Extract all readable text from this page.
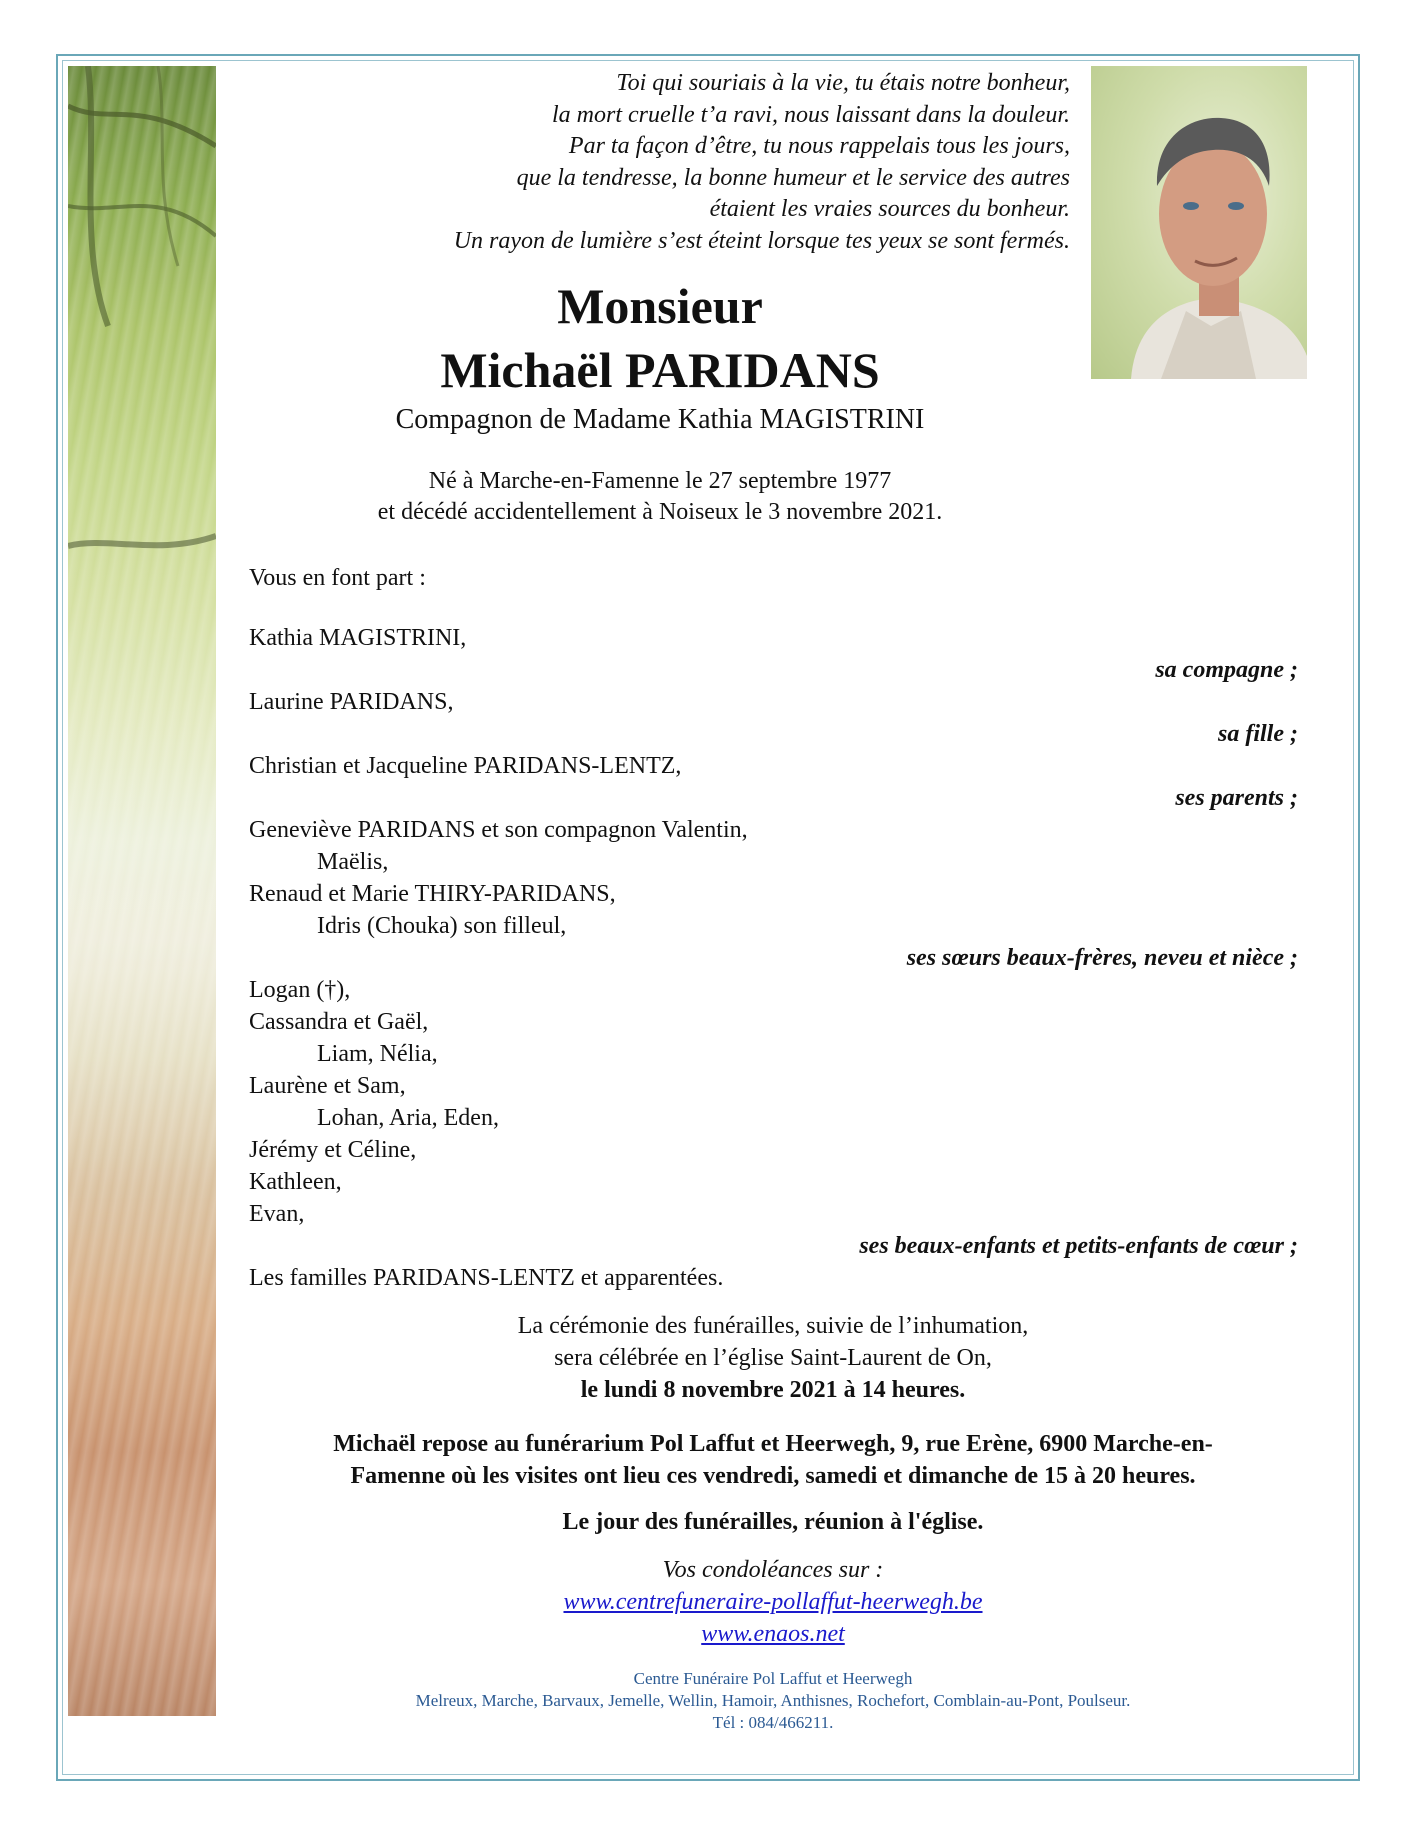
Toi qui souriais à la vie, tu étais notre bonheur,
la mort cruelle t’a ravi, nous laissant dans la douleur.
Par ta façon d’être, tu nous rappelais tous les jours,
que la tendresse, la bonne humeur et le service des autres
étaient les vraies sources du bonheur.
Un rayon de lumière s’est éteint lorsque tes yeux se sont fermés.
Monsieur
Michaël PARIDANS
Compagnon de Madame Kathia MAGISTRINI
Né à Marche-en-Famenne le 27 septembre 1977
et décédé accidentellement à Noiseux le 3 novembre 2021.
Vous en font part :
Kathia MAGISTRINI,
sa compagne ;
Laurine PARIDANS,
sa fille ;
Christian et Jacqueline PARIDANS-LENTZ,
ses parents ;
Geneviève PARIDANS et son compagnon Valentin,
Maëlis,
Renaud et Marie THIRY-PARIDANS,
Idris (Chouka) son filleul,
ses sœurs beaux-frères, neveu et nièce ;
Logan (†),
Cassandra et Gaël,
Liam, Nélia,
Laurène et Sam,
Lohan, Aria, Eden,
Jérémy et Céline,
Kathleen,
Evan,
ses beaux-enfants et petits-enfants de cœur ;
Les familles PARIDANS-LENTZ et apparentées.
La cérémonie des funérailles, suivie de l’inhumation,
sera célébrée en l’église Saint-Laurent de On,
le lundi 8 novembre 2021 à 14 heures.
Michaël repose au funérarium Pol Laffut et Heerwegh, 9, rue Erène, 6900 Marche-en-
Famenne où les visites ont lieu ces vendredi, samedi et dimanche de 15 à 20 heures.
Le jour des funérailles, réunion à l'église.
Vos condoléances sur :
www.centrefuneraire-pollaffut-heerwegh.be
www.enaos.net
Centre Funéraire Pol Laffut et Heerwegh
Melreux, Marche, Barvaux, Jemelle, Wellin, Hamoir, Anthisnes, Rochefort, Comblain-au-Pont, Poulseur.
Tél : 084/466211.
